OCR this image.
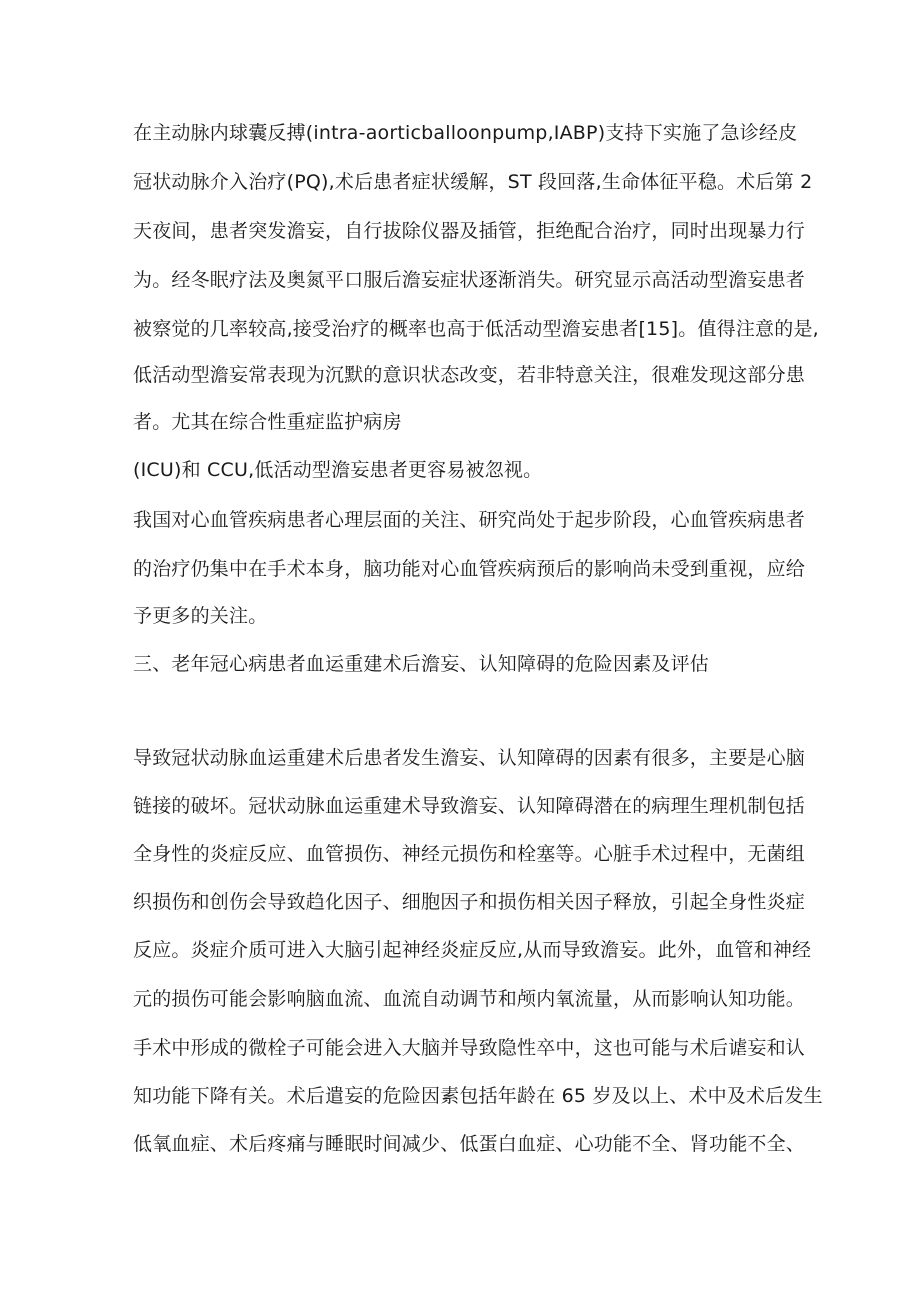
在主动脉内球囊反搏(intra-aorticballoonpump,IABP)支持下实施了急诊经皮
冠状动脉介入治疗(PQ),术后患者症状缓解，ST 段回落,生命体征平稳。术后第 2
天夜间，患者突发澹妄，自行拔除仪器及插管，拒绝配合治疗，同时出现暴力行
为。经冬眠疗法及奥氮平口服后澹妄症状逐渐消失。研究显示高活动型澹妄患者
被察觉的几率较高,接受治疗的概率也高于低活动型澹妄患者[15]。值得注意的是,
低活动型澹妄常表现为沉默的意识状态改变，若非特意关注，很难发现这部分患
者。尤其在综合性重症监护病房
(ICU)和 CCU,低活动型澹妄患者更容易被忽视。
我国对心血管疾病患者心理层面的关注、研究尚处于起步阶段，心血管疾病患者
的治疗仍集中在手术本身，脑功能对心血管疾病预后的影响尚未受到重视，应给
予更多的关注。
三、老年冠心病患者血运重建术后澹妄、认知障碍的危险因素及评估
导致冠状动脉血运重建术后患者发生澹妄、认知障碍的因素有很多，主要是心脑
链接的破坏。冠状动脉血运重建术导致澹妄、认知障碍潜在的病理生理机制包括
全身性的炎症反应、血管损伤、神经元损伤和栓塞等。心脏手术过程中，无菌组
织损伤和创伤会导致趋化因子、细胞因子和损伤相关因子释放，引起全身性炎症
反应。炎症介质可进入大脑引起神经炎症反应,从而导致澹妄。此外，血管和神经
元的损伤可能会影响脑血流、血流自动调节和颅内氧流量，从而影响认知功能。
手术中形成的微栓子可能会进入大脑并导致隐性卒中，这也可能与术后谑妄和认
知功能下降有关。术后遣妄的危险因素包括年龄在 65 岁及以上、术中及术后发生
低氧血症、术后疼痛与睡眠时间减少、低蛋白血症、心功能不全、肾功能不全、
